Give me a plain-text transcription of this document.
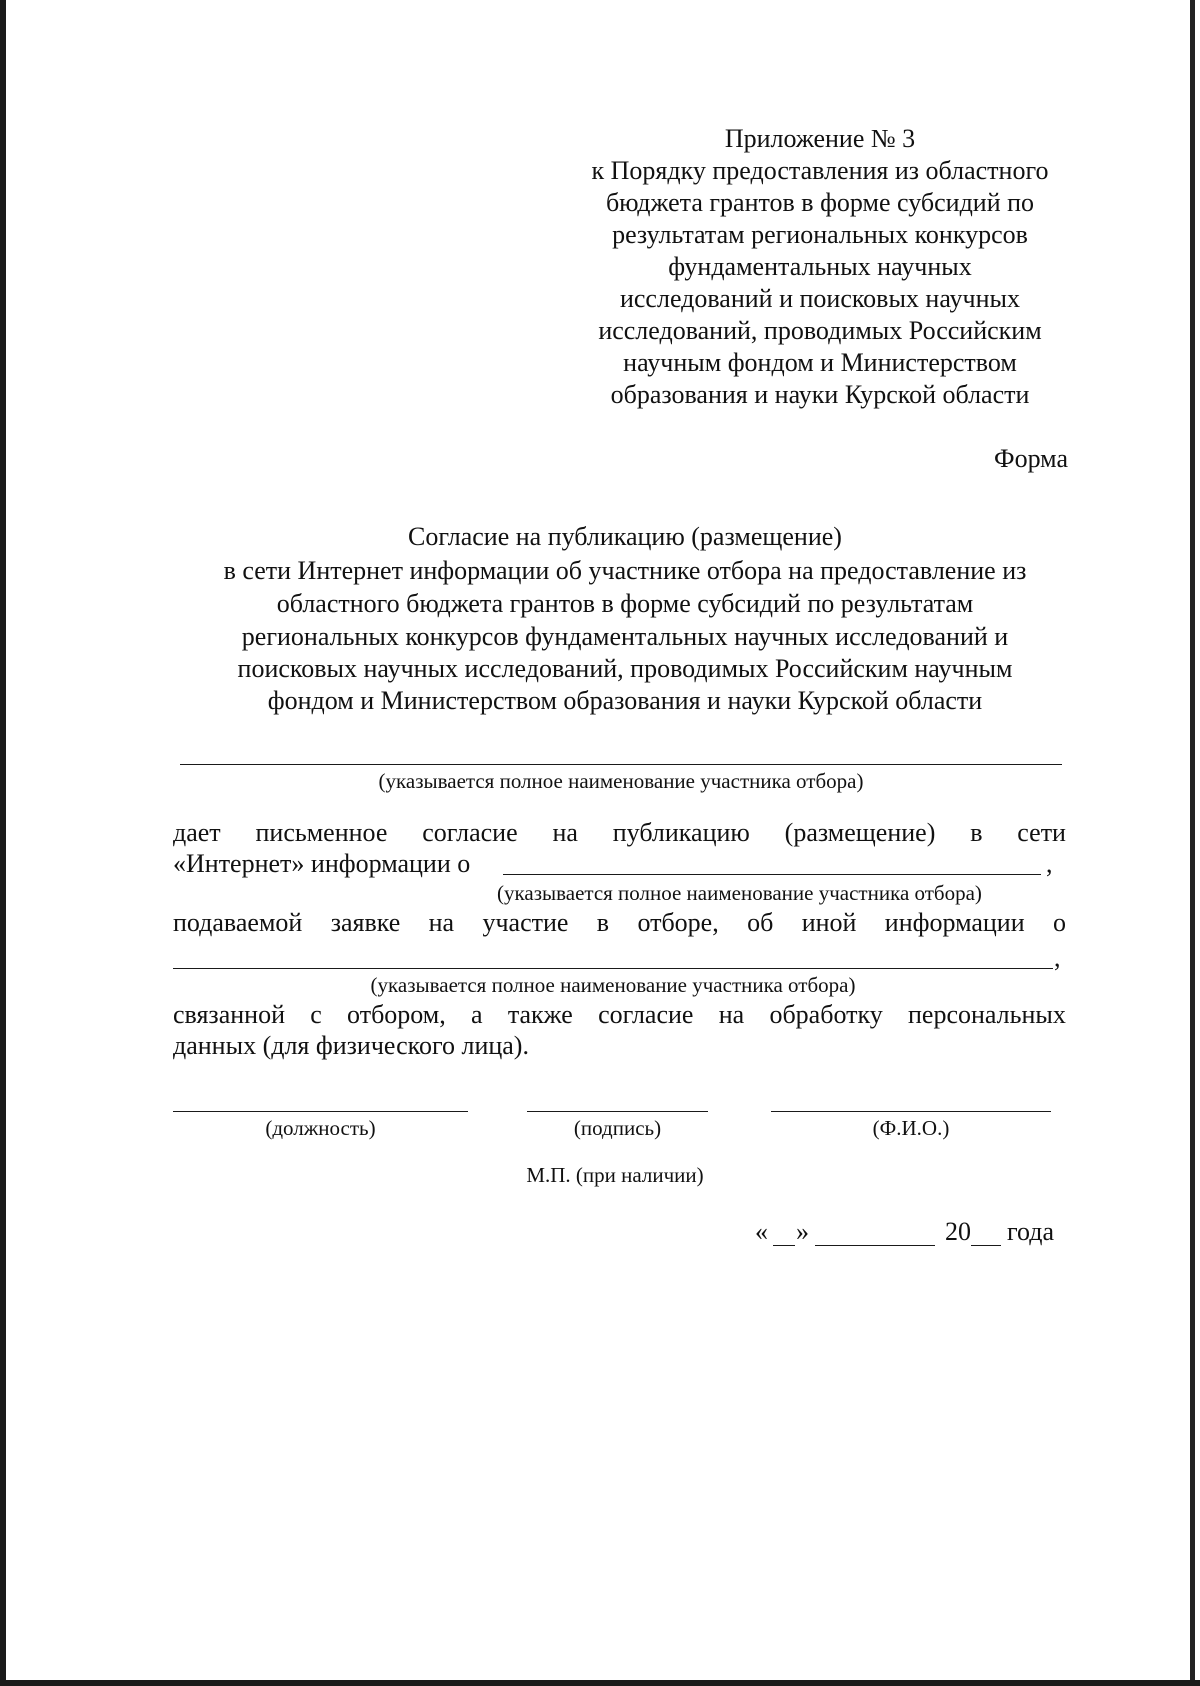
Приложение № 3
к Порядку предоставления из областного
бюджета грантов в форме субсидий по
результатам региональных конкурсов
фундаментальных научных
исследований и поисковых научных
исследований, проводимых Российским
научным фондом и Министерством
образования и науки Курской области
Форма
Согласие на публикацию (размещение)
в сети Интернет информации об участнике отбора на предоставление из
областного бюджета грантов в форме субсидий по результатам
региональных конкурсов фундаментальных научных исследований и
поисковых научных исследований, проводимых Российским научным
фондом и Министерством образования и науки Курской области
(указывается полное наименование участника отбора)
дает письменное согласие на публикацию (размещение) в сети
«Интернет» информации о	,
(указывается полное наименование участника отбора)
подаваемой заявке на участие в отборе, об иной информации о
,
(указывается полное наименование участника отбора)
связанной с отбором, а также согласие на обработку персональных
данных (для физического лица).
(должность)	(подпись)	(Ф.И.О.)
М.П. (при наличии)
« »	20 года
